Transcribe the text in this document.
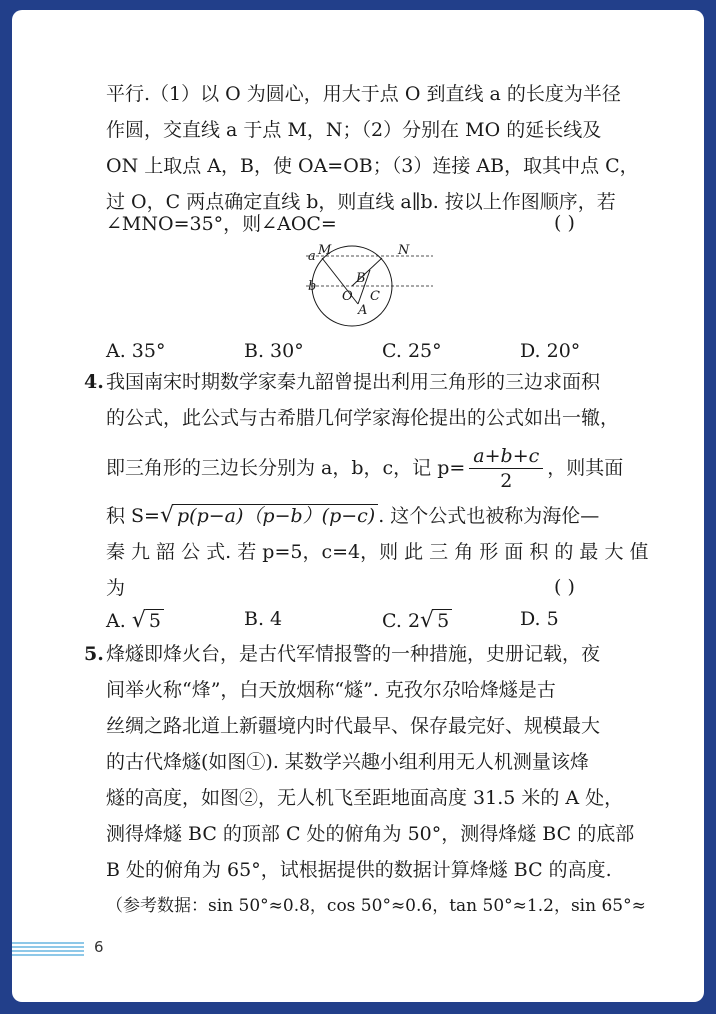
平行.（1）以 O 为圆心，用大于点 O 到直线 a 的长度为半径
作圆，交直线 a 于点 M，N；（2）分别在 MO 的延长线及
ON 上取点 A，B，使 OA=OB；（3）连接 AB，取其中点 C，
过 O，C 两点确定直线 b，则直线 a∥b. 按以上作图顺序，若
∠MNO=35°，则∠AOC=	( )
a
b
M	N
B
O C
A
A. 35°	B. 30°	C. 25°	D. 20°
4. 我国南宋时期数学家秦九韶曾提出利用三角形的三边求面积
的公式，此公式与古希腊几何学家海伦提出的公式如出一辙，
即三角形的三边长分别为 a，b，c，记 $p= \frac{a+b+c}{2}$ ，则其面
积 S=√ p(p−a)（p−b）(p−c) . 这个公式也被称为海伦—
秦 九 韶 公 式. 若 p=5，c=4，则 此 三 角 形 面 积 的 最 大 值
为	( )
A. √ 5	B. 4	C. 2√ 5	D. 5
5. 烽燧即烽火台，是古代军情报警的一种措施，史册记载，夜
间举火称“烽”，白天放烟称“燧”. 克孜尔尕哈烽燧是古
丝绸之路北道上新疆境内时代最早、保存最完好、规模最大
的古代烽燧(如图①). 某数学兴趣小组利用无人机测量该烽
燧的高度，如图②，无人机飞至距地面高度 31.5 米的 A 处，
测得烽燧 BC 的顶部 C 处的俯角为 50°，测得烽燧 BC 的底部
B 处的俯角为 65°，试根据提供的数据计算烽燧 BC 的高度.
（参考数据：sin 50°≈0.8，cos 50°≈0.6，tan 50°≈1.2，sin 65°≈
6
